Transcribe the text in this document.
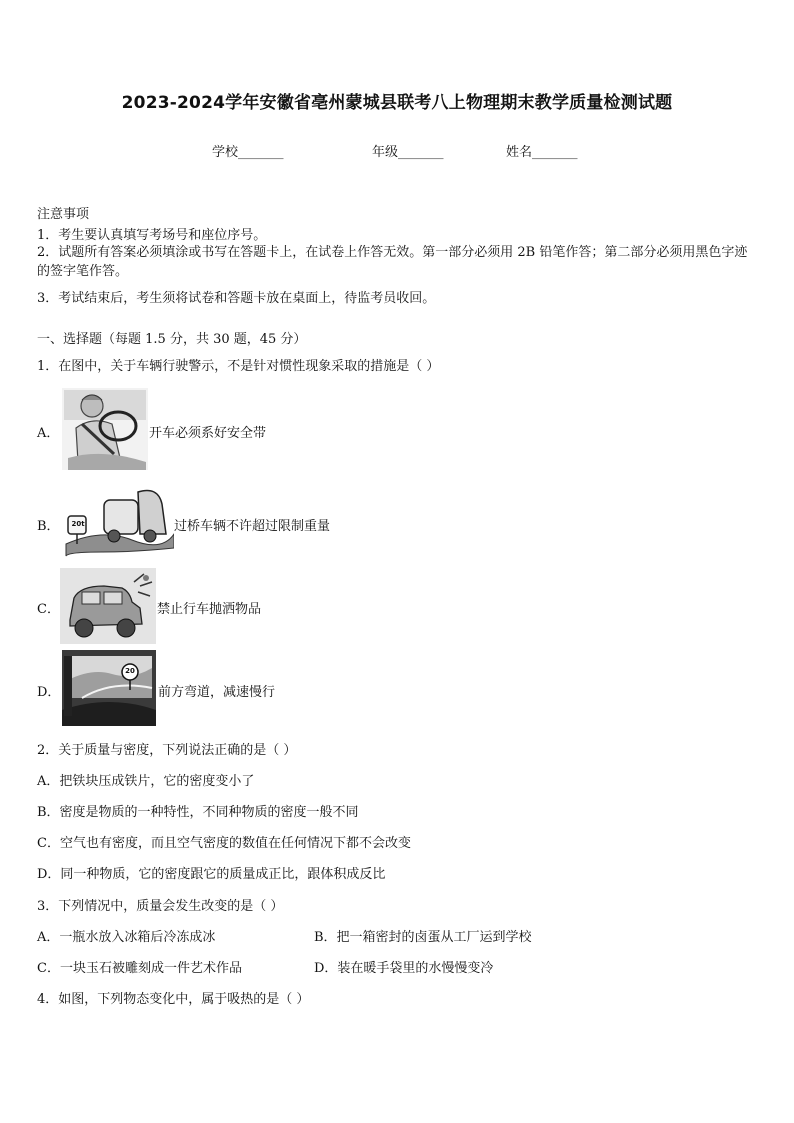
2023-2024学年安徽省亳州蒙城县联考八上物理期末教学质量检测试题
学校_______	年级_______	姓名_______
注意事项
1．考生要认真填写考场号和座位序号。
2．试题所有答案必须填涂或书写在答题卡上，在试卷上作答无效。第一部分必须用 2B 铅笔作答；第二部分必须用黑色字迹的签字笔作答。
3．考试结束后，考生须将试卷和答题卡放在桌面上，待监考员收回。
一、选择题（每题 1.5 分，共 30 题，45 分）
1．在图中，关于车辆行驶警示，不是针对惯性现象采取的措施是（ ）
A．	开车必须系好安全带
B． 20t	过桥车辆不许超过限制重量
C．	禁止行车抛洒物品
D．
20
前方弯道，减速慢行
2．关于质量与密度，下列说法正确的是（ ）
A．把铁块压成铁片，它的密度变小了
B．密度是物质的一种特性，不同种物质的密度一般不同
C．空气也有密度，而且空气密度的数值在任何情况下都不会改变
D．同一种物质，它的密度跟它的质量成正比，跟体积成反比
3．下列情况中，质量会发生改变的是（ ）
A．一瓶水放入冰箱后冷冻成冰	B．把一箱密封的卤蛋从工厂运到学校
C．一块玉石被雕刻成一件艺术作品	D．装在暖手袋里的水慢慢变冷
4．如图，下列物态变化中，属于吸热的是（ ）
